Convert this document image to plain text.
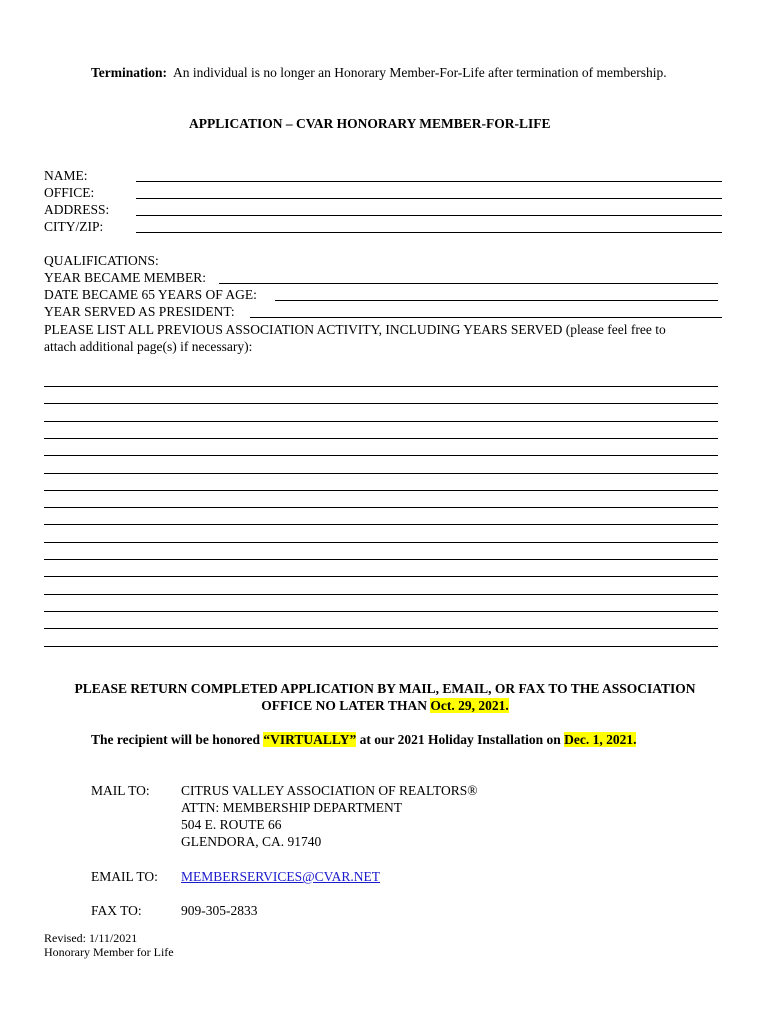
Termination: An individual is no longer an Honorary Member-For-Life after termination of membership.
APPLICATION – CVAR HONORARY MEMBER-FOR-LIFE
NAME:
OFFICE:
ADDRESS:
CITY/ZIP:
QUALIFICATIONS:
YEAR BECAME MEMBER:
DATE BECAME 65 YEARS OF AGE:
YEAR SERVED AS PRESIDENT:
PLEASE LIST ALL PREVIOUS ASSOCIATION ACTIVITY, INCLUDING YEARS SERVED (please feel free to
attach additional page(s) if necessary):
PLEASE RETURN COMPLETED APPLICATION BY MAIL, EMAIL, OR FAX TO THE ASSOCIATION
OFFICE NO LATER THAN Oct. 29, 2021.
The recipient will be honored “VIRTUALLY” at our 2021 Holiday Installation on Dec. 1, 2021.
MAIL TO: CITRUS VALLEY ASSOCIATION OF REALTORS®
ATTN: MEMBERSHIP DEPARTMENT
504 E. ROUTE 66
GLENDORA, CA. 91740
EMAIL TO: MEMBERSERVICES@CVAR.NET
FAX TO:	909-305-2833
Revised: 1/11/2021
Honorary Member for Life
